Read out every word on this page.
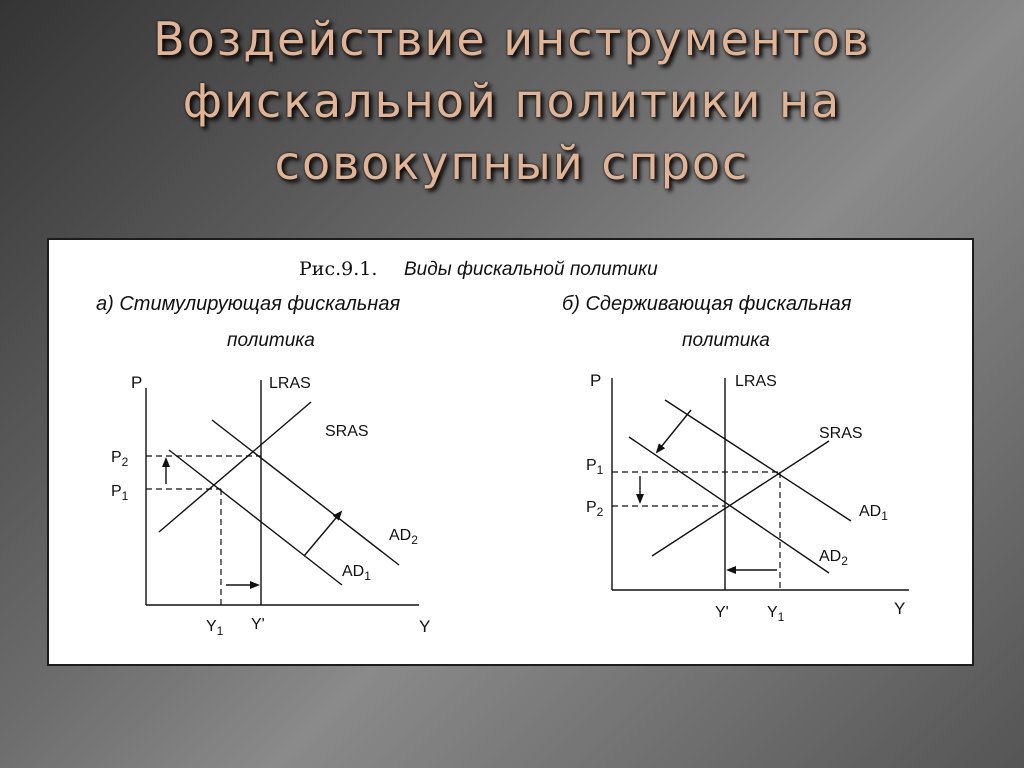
Воздействие инструментов
фискальной политики на
совокупный спрос
Рис.9.1. Виды фискальной политики
а) Стимулирующая фискальная
политика
б) Сдерживающая фискальная
политика
P
Y
LRAS
SRAS
$AD_2$
$AD_1$
$P_2$
$P_1$
$Y_1$ Y'
P
Y
LRAS
SRAS
$AD_1$
$AD_2$
$P_1$
$P_2$
Y' $Y_1$
